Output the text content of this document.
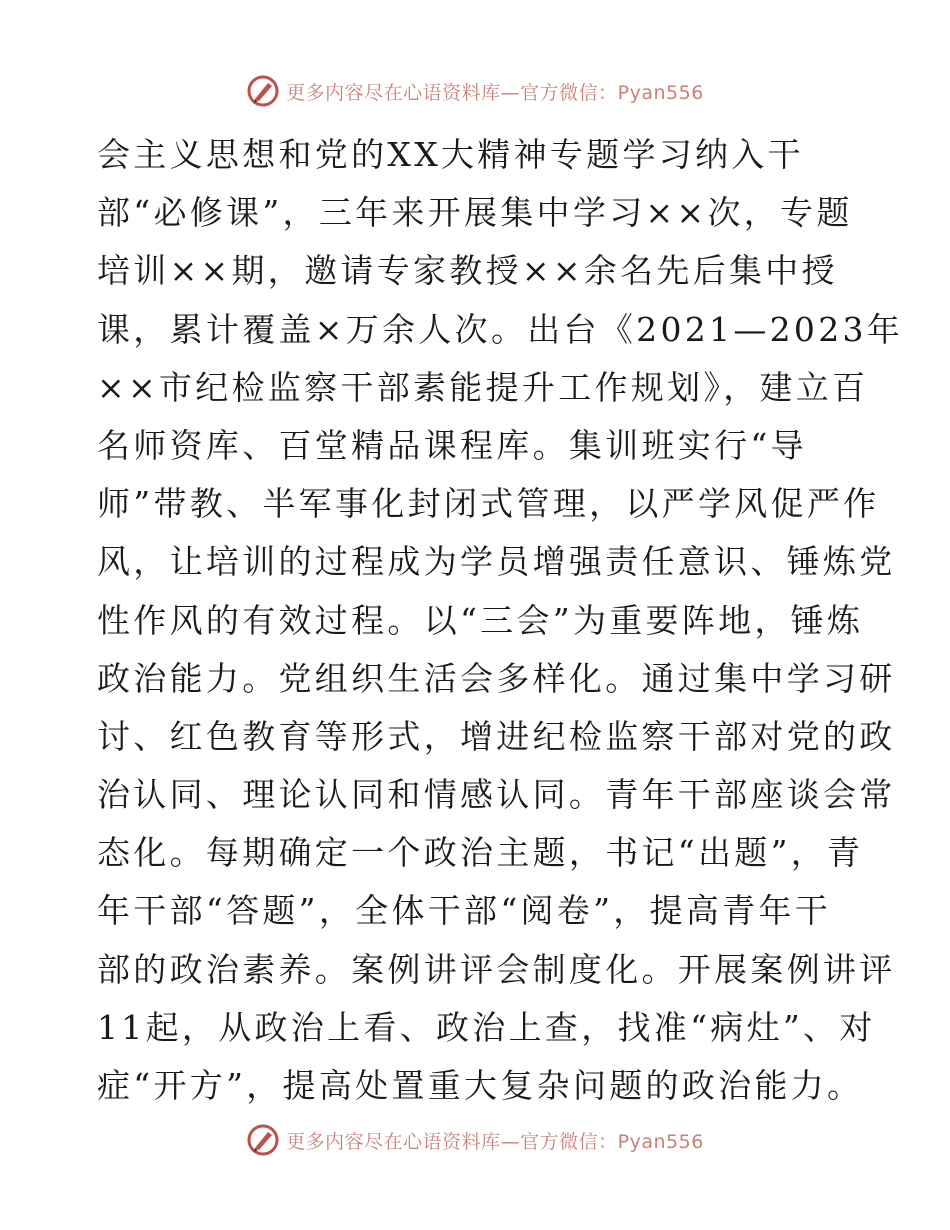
更多内容尽在心语资料库—官方微信：Pyan556
会主义思想和党的XX大精神专题学习纳入干
部“必修课”，三年来开展集中学习××次，专题
培训××期，邀请专家教授××余名先后集中授
课，累计覆盖×万余人次。出台《2021—2023年
××市纪检监察干部素能提升工作规划》，建立百
名师资库、百堂精品课程库。集训班实行“导
师”带教、半军事化封闭式管理，以严学风促严作
风，让培训的过程成为学员增强责任意识、锤炼党
性作风的有效过程。以“三会”为重要阵地，锤炼
政治能力。党组织生活会多样化。通过集中学习研
讨、红色教育等形式，增进纪检监察干部对党的政
治认同、理论认同和情感认同。青年干部座谈会常
态化。每期确定一个政治主题，书记“出题”，青
年干部“答题”，全体干部“阅卷”，提高青年干
部的政治素养。案例讲评会制度化。开展案例讲评
11起，从政治上看、政治上查，找准“病灶”、对
症“开方”，提高处置重大复杂问题的政治能力。
更多内容尽在心语资料库—官方微信：Pyan556
